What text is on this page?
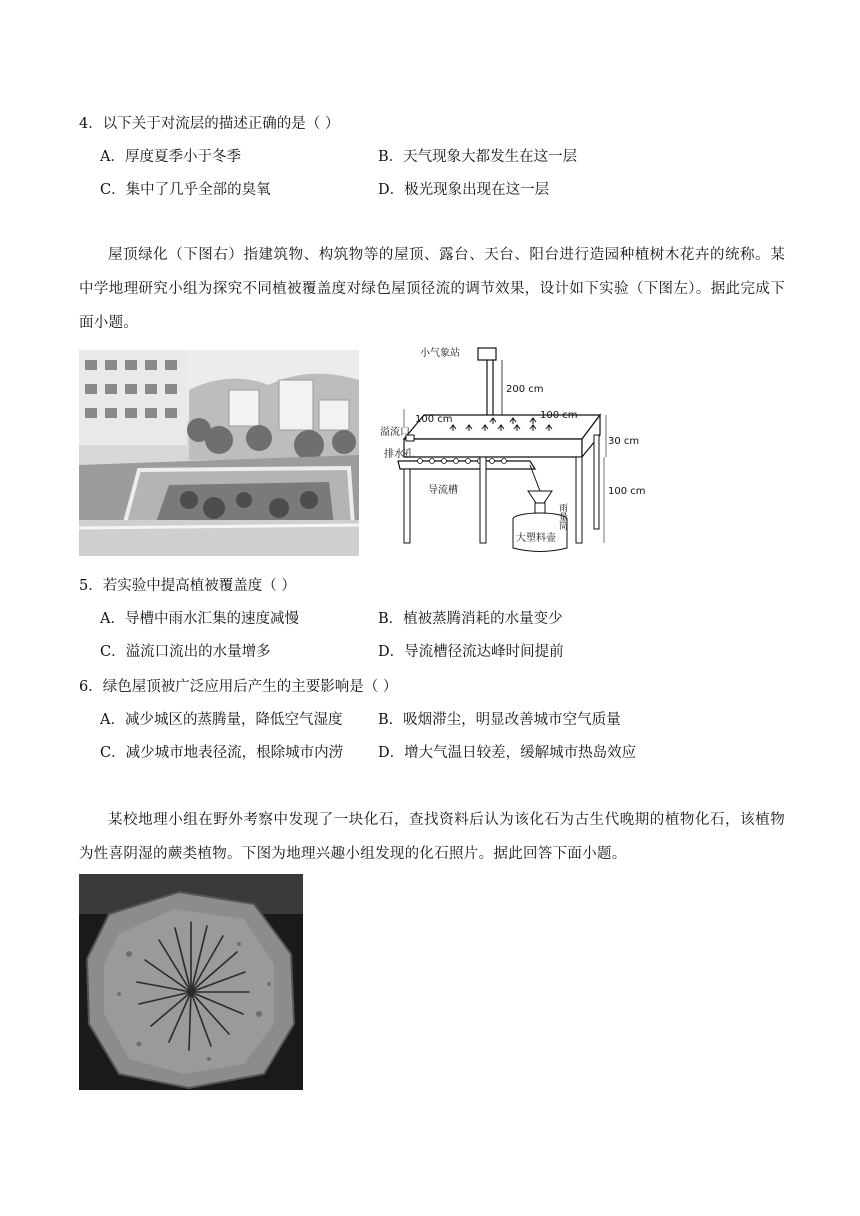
4．以下关于对流层的描述正确的是（ ）
A．厚度夏季小于冬季	B．天气现象大都发生在这一层
C．集中了几乎全部的臭氧	D．极光现象出现在这一层
屋顶绿化（下图右）指建筑物、构筑物等的屋顶、露台、天台、阳台进行造园种植树木花卉的统称。某中学地理研究小组为探究不同植被覆盖度对绿色屋顶径流的调节效果，设计如下实验（下图左）。据此完成下面小题。
小气象站
200 cm
100 cm	100 cm
30 cm
100 cm
溢流口
排水孔
导流槽
雨量筒
大塑料壶
5．若实验中提高植被覆盖度（ ）
A．导槽中雨水汇集的速度减慢	B．植被蒸腾消耗的水量变少
C．溢流口流出的水量增多	D．导流槽径流达峰时间提前
6．绿色屋顶被广泛应用后产生的主要影响是（ ）
A．减少城区的蒸腾量，降低空气湿度 B．吸烟滞尘，明显改善城市空气质量
C．减少城市地表径流，根除城市内涝 D．增大气温日较差，缓解城市热岛效应
某校地理小组在野外考察中发现了一块化石，查找资料后认为该化石为古生代晚期的植物化石，该植物为性喜阴湿的蕨类植物。下图为地理兴趣小组发现的化石照片。据此回答下面小题。
